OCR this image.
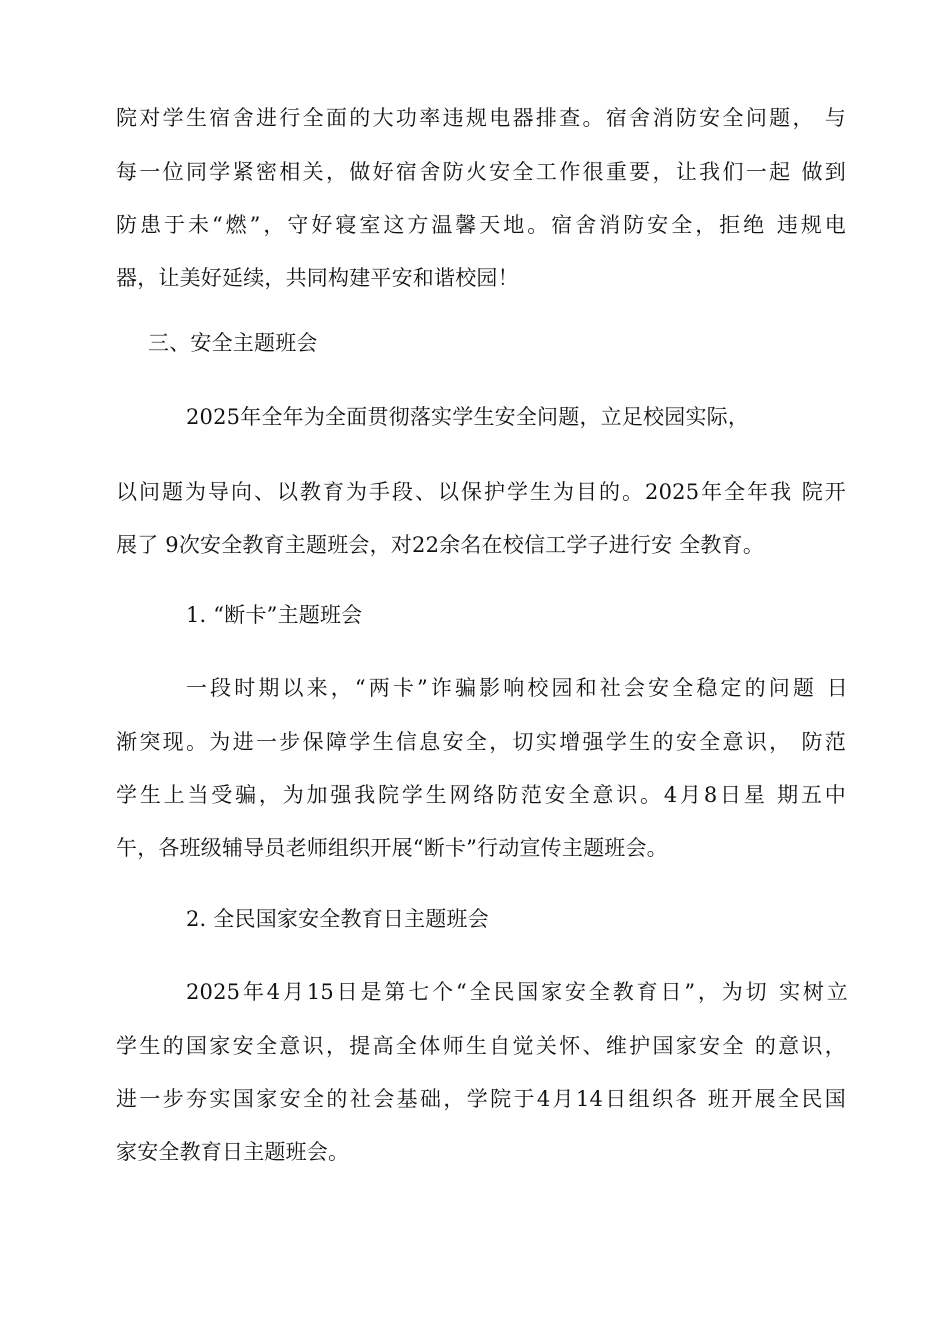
院对学生宿舍进行全面的大功率违规电器排查。宿舍消防安全问题， 与
每一位同学紧密相关，做好宿舍防火安全工作很重要，让我们一起 做到
防患于未“燃”，守好寝室这方温馨天地。宿舍消防安全，拒绝 违规电
器，让美好延续，共同构建平安和谐校园！
三、安全主题班会
2025年全年为全面贯彻落实学生安全问题，立足校园实际，
以问题为导向、以教育为手段、以保护学生为目的。2025年全年我 院开
展了 9次安全教育主题班会，对22余名在校信工学子进行安 全教育。
1. “断卡”主题班会
一段时期以来，“两卡”诈骗影响校园和社会安全稳定的问题 日
渐突现。为进一步保障学生信息安全，切实增强学生的安全意识， 防范
学生上当受骗，为加强我院学生网络防范安全意识。4月8日星 期五中
午，各班级辅导员老师组织开展“断卡”行动宣传主题班会。
2. 全民国家安全教育日主题班会
2025年4月15日是第七个“全民国家安全教育日”，为切 实树立
学生的国家安全意识，提高全体师生自觉关怀、维护国家安全 的意识，
进一步夯实国家安全的社会基础，学院于4月14日组织各 班开展全民国
家安全教育日主题班会。
